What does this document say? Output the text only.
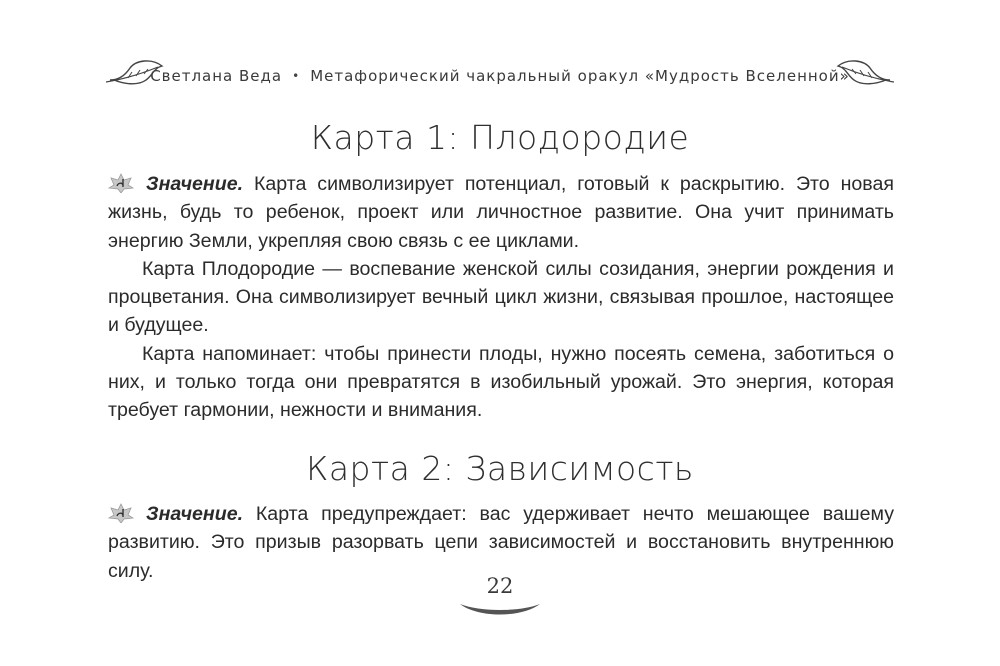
Светлана Веда • Метафорический чакральный оракул «Мудрость Вселенной»
Карта 1: Плодородие

Значение. Карта символизирует потенциал, готовый к раскрытию. Это новая жизнь, будь то ребенок, проект или личностное развитие. Она учит принимать энергию Земли, укрепляя свою связь с ее циклами.

Карта Плодородие — воспевание женской силы созидания, энергии рождения и процветания. Она символизирует вечный цикл жизни, связывая прошлое, настоящее и будущее.

Карта напоминает: чтобы принести плоды, нужно посеять семена, заботиться о них, и только тогда они превратятся в изобильный урожай. Это энергия, которая требует гармонии, нежности и внимания.

Карта 2: Зависимость

Значение. Карта предупреждает: вас удерживает нечто мешающее вашему развитию. Это призыв разорвать цепи зависимостей и восстановить внутреннюю силу.

22
